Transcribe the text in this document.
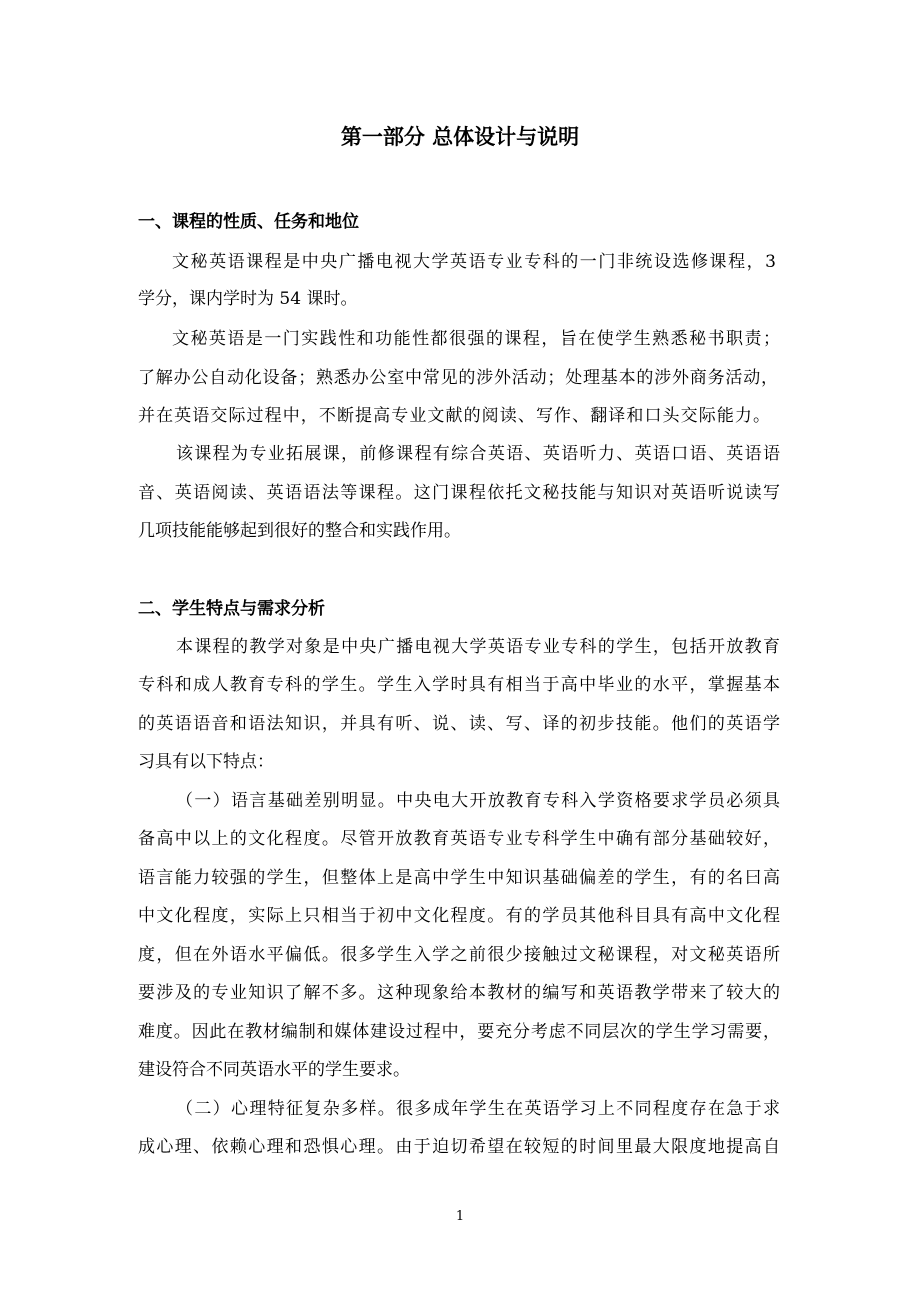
第一部分 总体设计与说明
一、课程的性质、任务和地位

文秘英语课程是中央广播电视大学英语专业专科的一门非统设选修课程，3

学分，课内学时为 54 课时。

文秘英语是一门实践性和功能性都很强的课程，旨在使学生熟悉秘书职责；

了解办公自动化设备；熟悉办公室中常见的涉外活动；处理基本的涉外商务活动，

并在英语交际过程中，不断提高专业文献的阅读、写作、翻译和口头交际能力。

该课程为专业拓展课，前修课程有综合英语、英语听力、英语口语、英语语

音、英语阅读、英语语法等课程。这门课程依托文秘技能与知识对英语听说读写

几项技能能够起到很好的整合和实践作用。

二、学生特点与需求分析

本课程的教学对象是中央广播电视大学英语专业专科的学生，包括开放教育

专科和成人教育专科的学生。学生入学时具有相当于高中毕业的水平，掌握基本

的英语语音和语法知识，并具有听、说、读、写、译的初步技能。他们的英语学

习具有以下特点：

（一）语言基础差别明显。中央电大开放教育专科入学资格要求学员必须具

备高中以上的文化程度。尽管开放教育英语专业专科学生中确有部分基础较好，

语言能力较强的学生，但整体上是高中学生中知识基础偏差的学生，有的名曰高

中文化程度，实际上只相当于初中文化程度。有的学员其他科目具有高中文化程

度，但在外语水平偏低。很多学生入学之前很少接触过文秘课程，对文秘英语所

要涉及的专业知识了解不多。这种现象给本教材的编写和英语教学带来了较大的

难度。因此在教材编制和媒体建设过程中，要充分考虑不同层次的学生学习需要，

建设符合不同英语水平的学生要求。

（二）心理特征复杂多样。很多成年学生在英语学习上不同程度存在急于求

成心理、依赖心理和恐惧心理。由于迫切希望在较短的时间里最大限度地提高自

1
